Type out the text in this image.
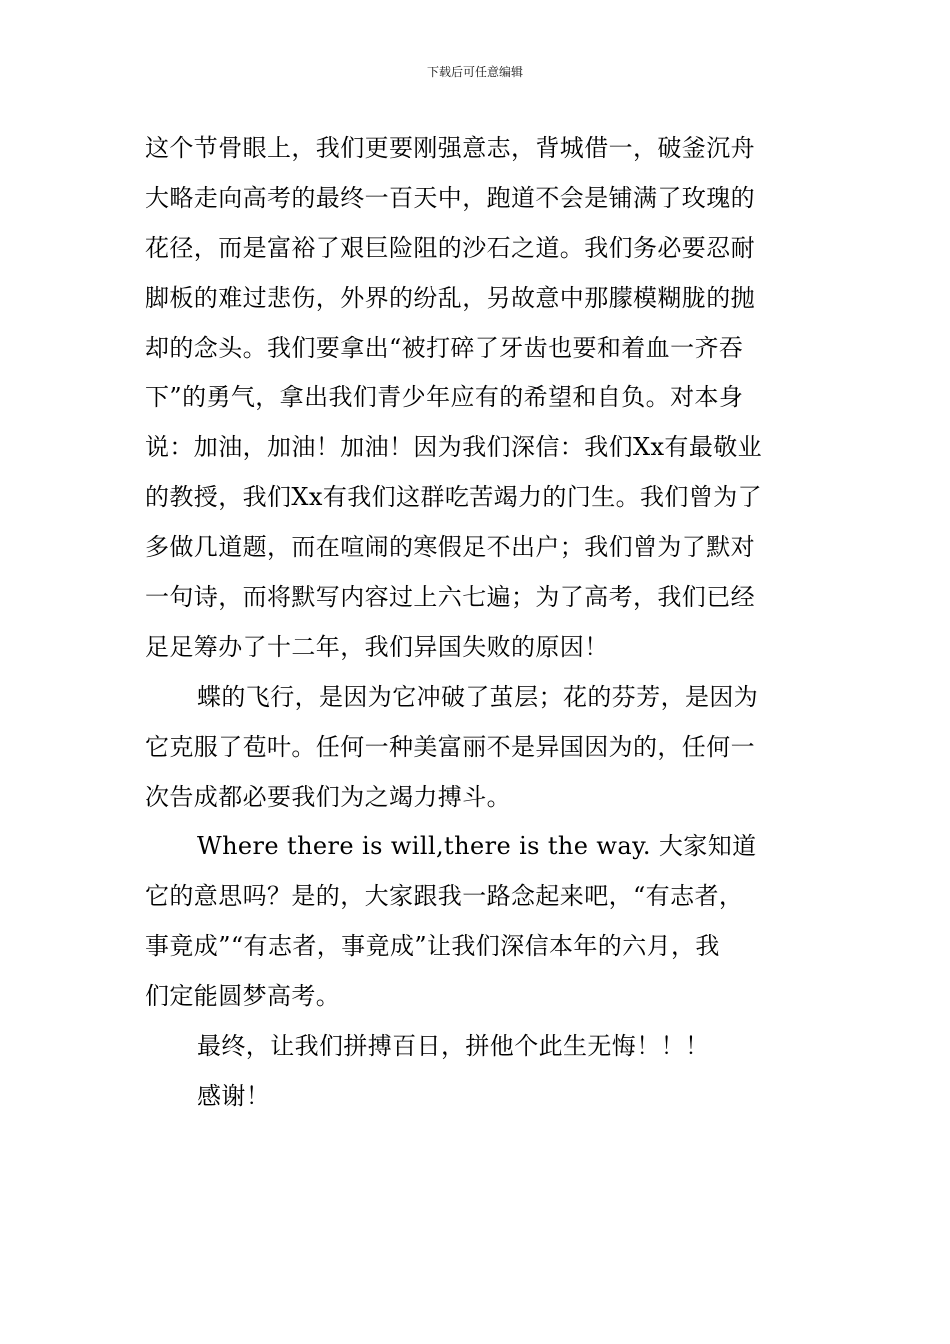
下载后可任意编辑
这个节骨眼上，我们更要刚强意志，背城借一，破釜沉舟
大略走向高考的最终一百天中，跑道不会是铺满了玫瑰的
花径，而是富裕了艰巨险阻的沙石之道。我们务必要忍耐
脚板的难过悲伤，外界的纷乱，另故意中那朦模糊胧的抛
却的念头。我们要拿出“被打碎了牙齿也要和着血一齐吞
下”的勇气，拿出我们青少年应有的希望和自负。对本身
说：加油，加油！加油！因为我们深信：我们Xx有最敬业
的教授，我们Xx有我们这群吃苦竭力的门生。我们曾为了
多做几道题，而在喧闹的寒假足不出户；我们曾为了默对
一句诗，而将默写内容过上六七遍；为了高考，我们已经
足足筹办了十二年，我们异国失败的原因！
蝶的飞行，是因为它冲破了茧层；花的芬芳，是因为
它克服了苞叶。任何一种美富丽不是异国因为的，任何一
次告成都必要我们为之竭力搏斗。
Where there is will,there is the way. 大家知道
它的意思吗？是的，大家跟我一路念起来吧，“有志者，
事竟成”“有志者，事竟成”让我们深信本年的六月，我
们定能圆梦高考。
最终，让我们拼搏百日，拼他个此生无悔！！！
感谢！
